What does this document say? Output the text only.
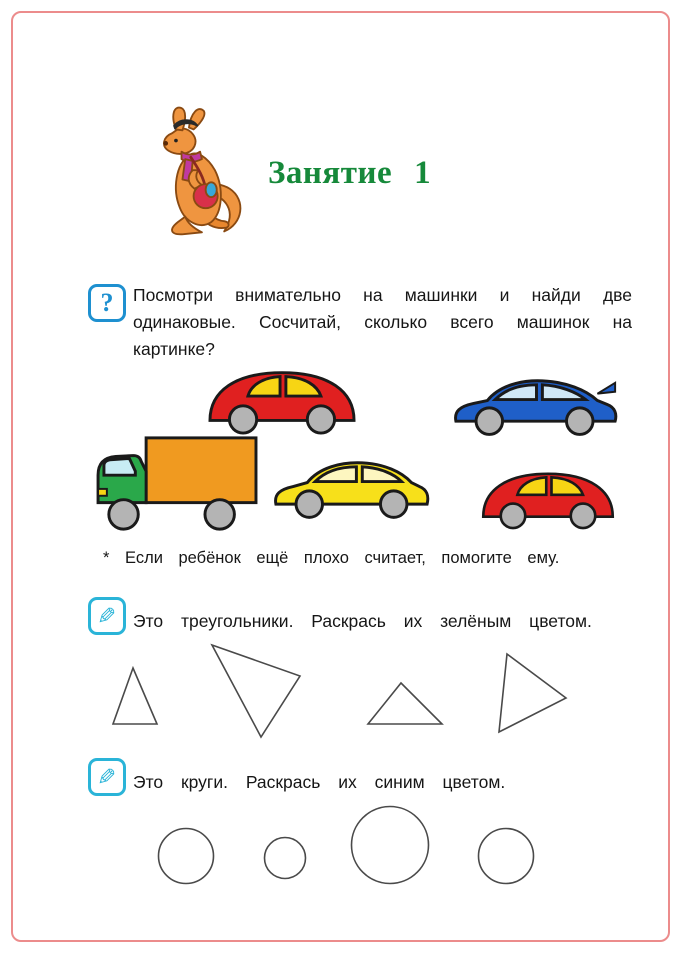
Занятие 1
? Посмотри внимательно на машинки и найди две
одинаковые. Сосчитай, сколько всего машинок на
картинке?

* Если ребёнок ещё плохо считает, помогите ему.

✎ Это треугольники. Раскрась их зелёным цветом.

✎ Это круги. Раскрась их синим цветом.
